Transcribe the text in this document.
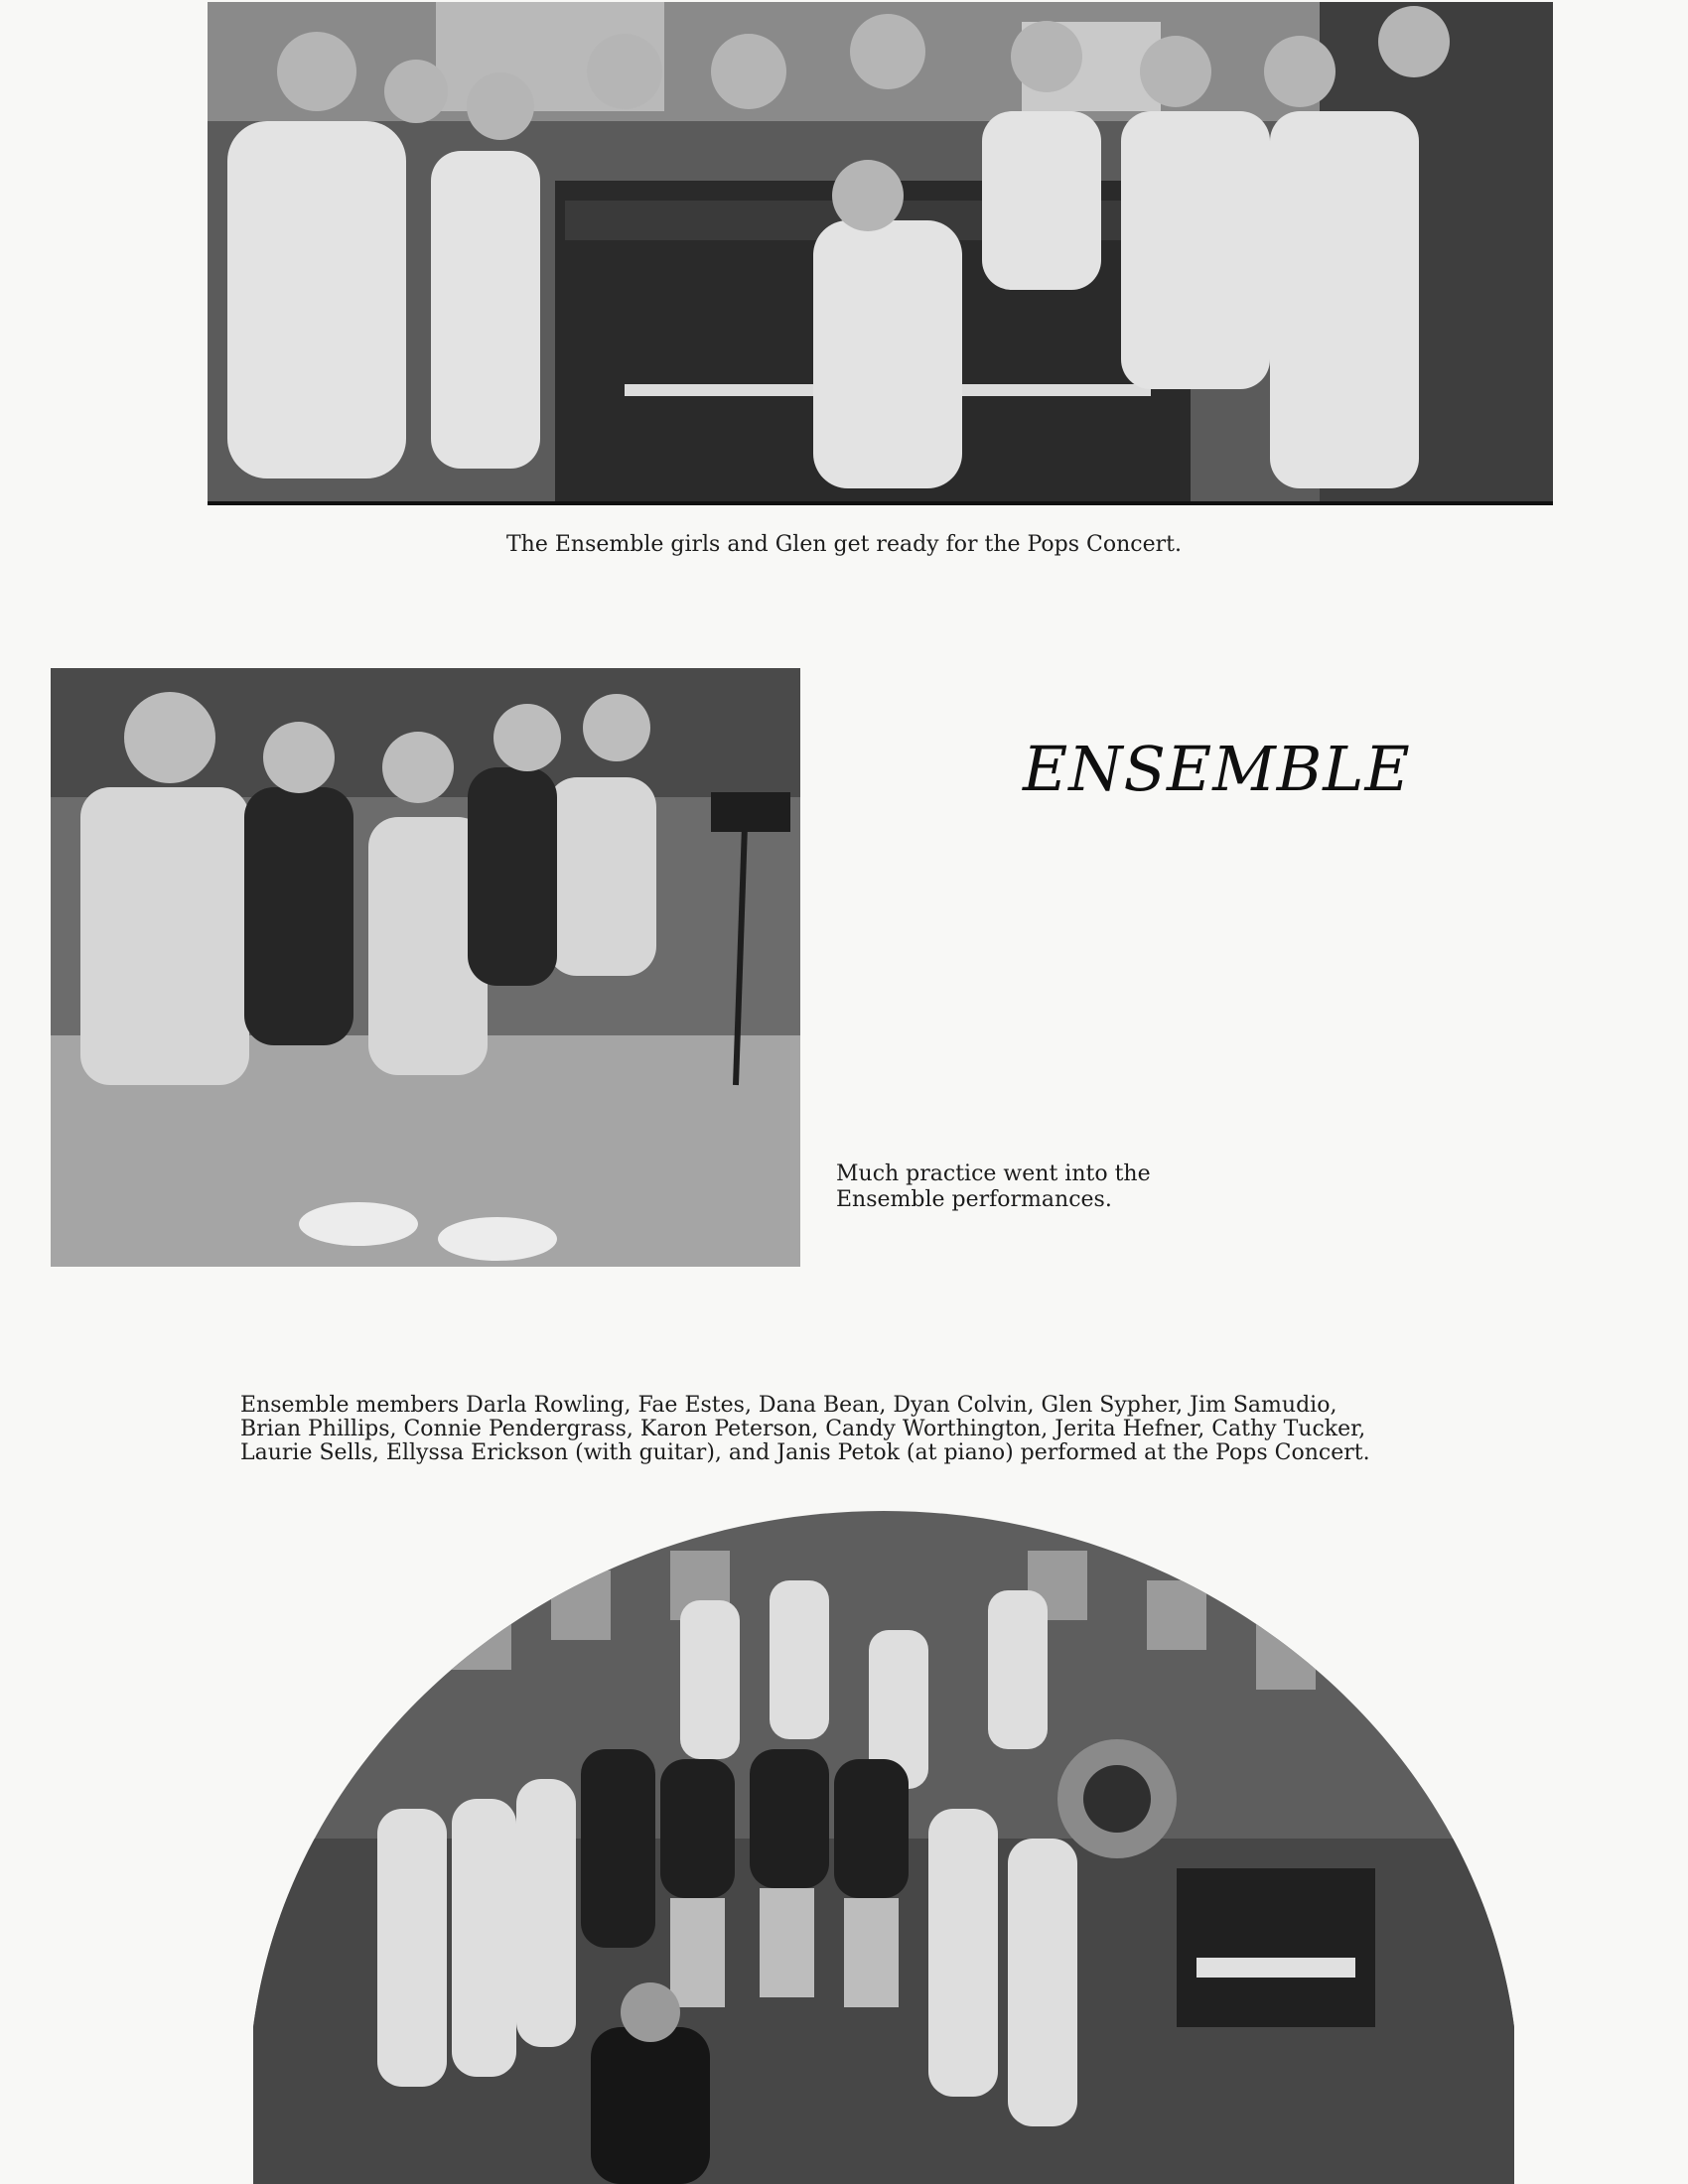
The Ensemble girls and Glen get ready for the Pops Concert.
ENSEMBLE
Much practice went into the
Ensemble performances.
Ensemble members Darla Rowling, Fae Estes, Dana Bean, Dyan Colvin, Glen Sypher, Jim Samudio,
Brian Phillips, Connie Pendergrass, Karon Peterson, Candy Worthington, Jerita Hefner, Cathy Tucker,
Laurie Sells, Ellyssa Erickson (with guitar), and Janis Petok (at piano) performed at the Pops Concert.
